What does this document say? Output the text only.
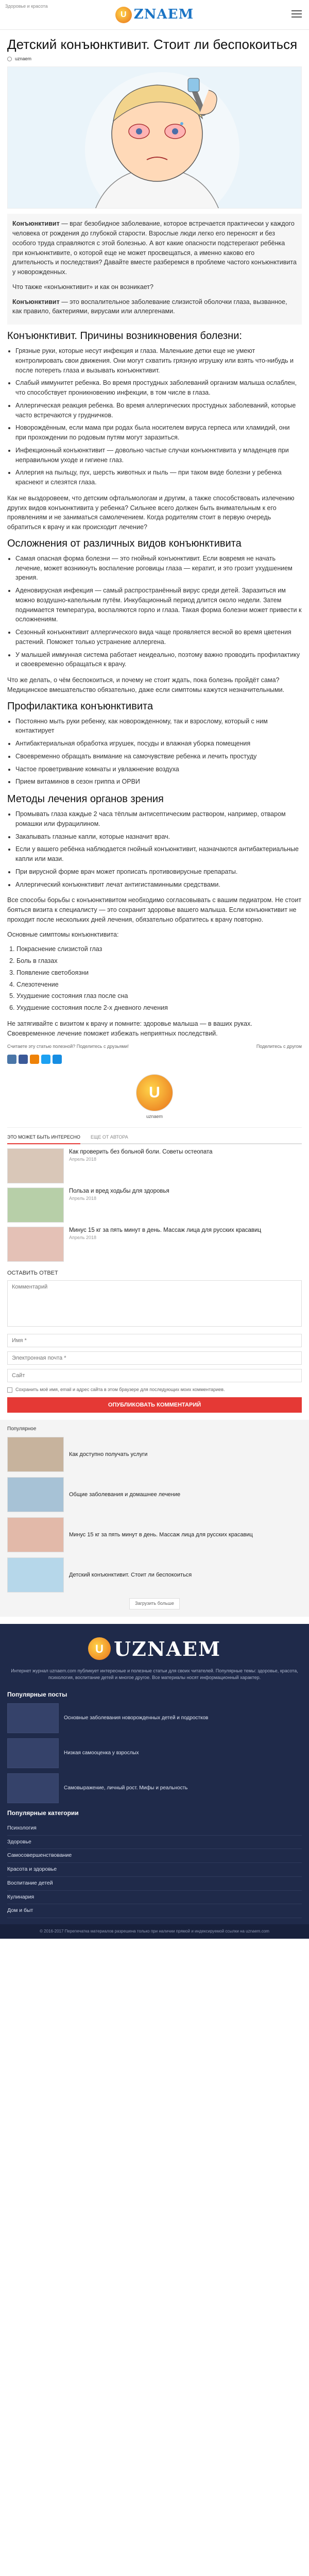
Здоровье и красота
U ZNAEM
Детский конъюнктивит. Стоит ли беспокоиться
uznaem

Конъюнктивит — враг безобидное заболевание, которое встречается практически у каждого человека от рождения до глубокой старости. Взрослые люди легко его переносят и без особого труда справляются с этой болезнью. А вот какие опасности подстерегают ребёнка при конъюнктивите, о которой еще не может просвещаться, а именно каково его длительность и последствия? Давайте вместе разберемся в проблеме частого конъюнктивита у новорожденных.

Что также «конъюнктивит» и как он возникает?

Конъюнктивит — это воспалительное заболевание слизистой оболочки глаза, вызванное, как правило, бактериями, вирусами или аллергенами.

Конъюнктивит. Причины возникновения болезни:
• Грязные руки, которые несут инфекция и глаза. Маленькие детки еще не умеют контролировать свои движения. Они могут схватить грязную игрушку или взять что-нибудь и после потереть глаза и вызывать конъюнктивит.
• Слабый иммунитет ребенка. Во время простудных заболеваний организм малыша ослаблен, что способствует проникновению инфекции, в том числе в глаза.
• Аллергическая реакция ребенка. Во время аллергических простудных заболеваний, которые часто встречаются у грудничков.
• Новорождённым, если мама при родах была носителем вируса герпеса или хламидий, они при прохождении по родовым путям могут заразиться.
• Инфекционный конъюнктивит — довольно частые случаи конъюнктивита у младенцев при неправильном уходе и гигиене глаз.
• Аллергия на пыльцу, пух, шерсть животных и пыль — при таком виде болезни у ребенка краснеют и слезятся глаза.

Как не выздоровеем, что детским офтальмологам и другим, а также способствовать излечению других видов конъюнктивита у ребенка? Сильнее всего должен быть внимательным к его проявлениям и не заниматься самолечением. Когда родителям стоит в первую очередь обратиться к врачу и как происходит лечение?

Осложнения от различных видов конъюнктивита
• Самая опасная форма болезни — это гнойный конъюнктивит. Если вовремя не начать лечение, может возникнуть воспаление роговицы глаза — кератит, и это грозит ухудшением зрения.
• Аденовирусная инфекция — самый распространённый вирус среди детей. Заразиться им можно воздушно-капельным путём. Инкубационный период длится около недели. Затем поднимается температура, воспаляются горло и глаза. Такая форма болезни может привести к осложнениям.
• Сезонный конъюнктивит аллергического вида чаще проявляется весной во время цветения растений. Поможет только устранение аллергена.
• У малышей иммунная система работает неидеально, поэтому важно проводить профилактику и своевременно обращаться к врачу.

Что же делать, о чём беспокоиться, и почему не стоит ждать, пока болезнь пройдёт сама? Медицинское вмешательство обязательно, даже если симптомы кажутся незначительными.

Профилактика конъюнктивита
• Постоянно мыть руки ребенку, как новорожденному, так и взрослому, который с ним контактирует
• Антибактериальная обработка игрушек, посуды и влажная уборка помещения
• Своевременно обращать внимание на самочувствие ребенка и лечить простуду
• Частое проветривание комнаты и увлажнение воздуха
• Прием витаминов в сезон гриппа и ОРВИ
Методы лечения органов зрения
• Промывать глаза каждые 2 часа тёплым антисептическим раствором, например, отваром ромашки или фурацилином.
• Закапывать глазные капли, которые назначит врач.
• Если у вашего ребёнка наблюдается гнойный конъюнктивит, назначаются антибактериальные капли или мази.
• При вирусной форме врач может прописать противовирусные препараты.
• Аллергический конъюнктивит лечат антигистаминными средствами.

Все способы борьбы с конъюнктивитом необходимо согласовывать с вашим педиатром. Не стоит бояться визита к специалисту — это сохранит здоровье вашего малыша. Если конъюнктивит не проходит после нескольких дней лечения, обязательно обратитесь к врачу повторно.

Основные симптомы конъюнктивита:

1. Покраснение слизистой глаз
2. Боль в глазах
3. Появление светобоязни
4. Слезотечение
5. Ухудшение состояния глаз после сна
6. Ухудшение состояния после 2-х дневного лечения

Не затягивайте с визитом к врачу и помните: здоровье малыша — в ваших руках. Своевременное лечение поможет избежать неприятных последствий.

Считаете эту статью полезной? Поделитесь с друзьями!	Поделитесь с другом
U
uznaem
ЭТО МОЖЕТ БЫТЬ ИНТЕРЕСНО ЕЩЕ ОТ АВТОРА
Как проверить без больной боли. Советы остеопата
Апрель 2018
Польза и вред ходьбы для здоровья
Апрель 2018
Минус 15 кг за пять минут в день. Массаж лица для русских красавиц
Апрель 2018
ОСТАВИТЬ ОТВЕТ
Комментарий Имя * Электронная почта * Сайт
Сохранить моё имя, email и адрес сайта в этом браузере для последующих моих комментариев.
ОПУБЛИКОВАТЬ КОММЕНТАРИЙ
Популярное
Как доступно получать услуги
Общие заболевания и домашнее лечение
Минус 15 кг за пять минут в день. Массаж лица для русских красавиц
Детский конъюнктивит. Стоит ли беспокоиться
Загрузить больше
U UZNAEM
Интернет журнал uznaem.com публикует интересные и полезные статьи для своих читателей. Популярные темы: здоровье, красота, психология, воспитание детей и многое другое. Все материалы носят информационный характер.
Популярные посты
Основные заболевания новорожденных детей и подростков
Низкая самооценка у взрослых
Самовыражение, личный рост. Мифы и реальность
Популярные категории
Психология
Здоровье
Самосовершенствование
Красота и здоровье
Воспитание детей
Кулинария
Дом и быт
© 2016-2017 Перепечатка материалов разрешена только при наличии прямой и индексируемой ссылки на uznaem.com
